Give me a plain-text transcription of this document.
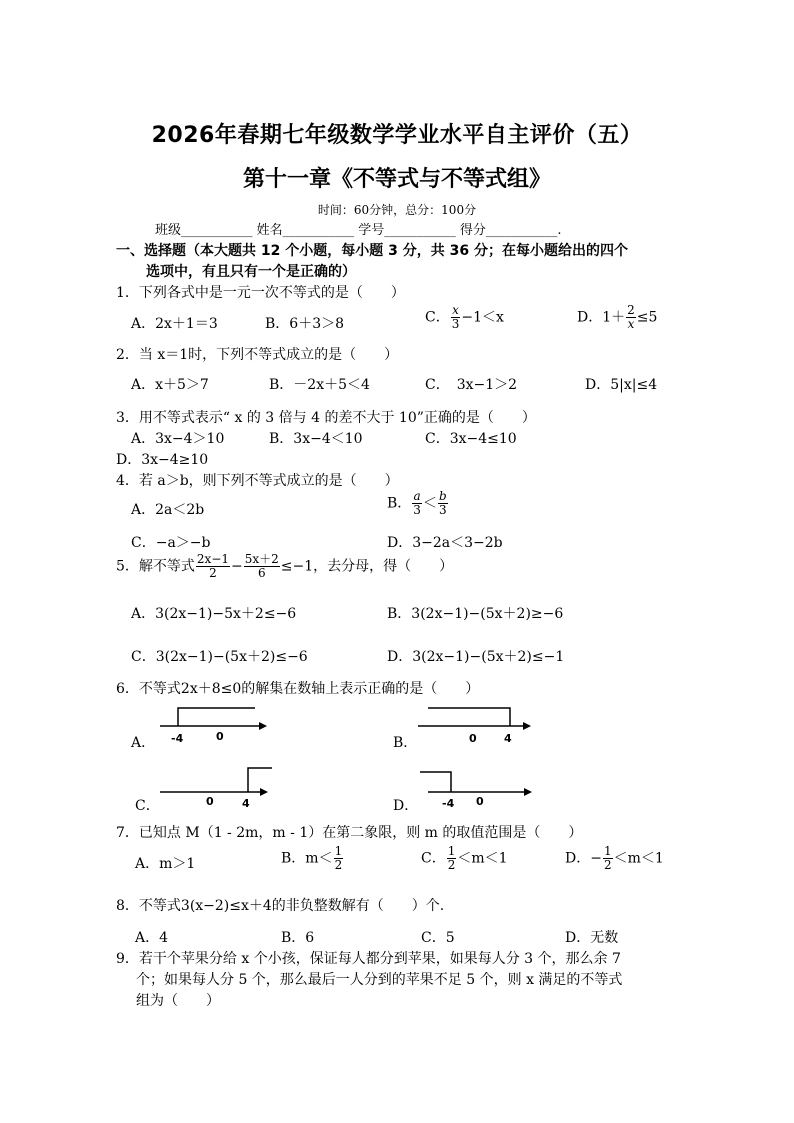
2026年春期七年级数学学业水平自主评价（五）
第十一章《不等式与不等式组》
时间：60分钟，总分：100分
班级___________ 姓名___________ 学号___________ 得分___________.
一、选择题（本大题共 12 个小题，每小题 3 分，共 36 分；在每小题给出的四个
选项中，有且只有一个是正确的）
1．下列各式中是一元一次不等式的是（　　）
A．2x＋1＝3	B．6＋3＞8	C． $\frac{x}{3} -1<x$	D．$1+ \frac{2}{x} \le 5$
2．当 x＝1时，下列不等式成立的是（　　）
A．x＋5＞7	B．－2x＋5＜4	C．　3x−1＞2	D．5|x|≤4
3．用不等式表示“ x 的 3 倍与 4 的差不大于 10”正确的是（　　）
A．3x−4＞10	B．3x−4＜10	C．3x−4≤10
D．3x−4≥10
4．若 a＞b，则下列不等式成立的是（　　）
A．2a＜2b	B． $\frac{a}{3} < \frac{b}{3}$
C．−a＞−b	D．3−2a＜3−2b
5．解不等式 $\frac{2x-1}{2} - \frac{5x+2}{6} \le-1$，去分母，得（　　）
A．3(2x−1)−5x＋2≤−6	B．3(2x−1)−(5x＋2)≥−6
C．3(2x−1)−(5x＋2)≤−6	D．3(2x−1)−(5x＋2)≤−1
6．不等式2x＋8≤0的解集在数轴上表示正确的是（　　）
A． -4	0	B．	0 4
C．	0	4	D． -4 0
7．已知点 M（1 - 2m，m - 1）在第二象限，则 m 的取值范围是（　　）
A．m＞1	B．$m< \frac{1}{2}$	C． $\frac{1}{2} <m<1$	D．− $\frac{1}{2} <m<1$
8．不等式3(x−2)≤x＋4的非负整数解有（　　）个.
A．4	B．6	C．5	D．无数
9．若干个苹果分给 x 个小孩，保证每人都分到苹果，如果每人分 3 个，那么余 7
个；如果每人分 5 个，那么最后一人分到的苹果不足 5 个，则 x 满足的不等式
组为（　　）
